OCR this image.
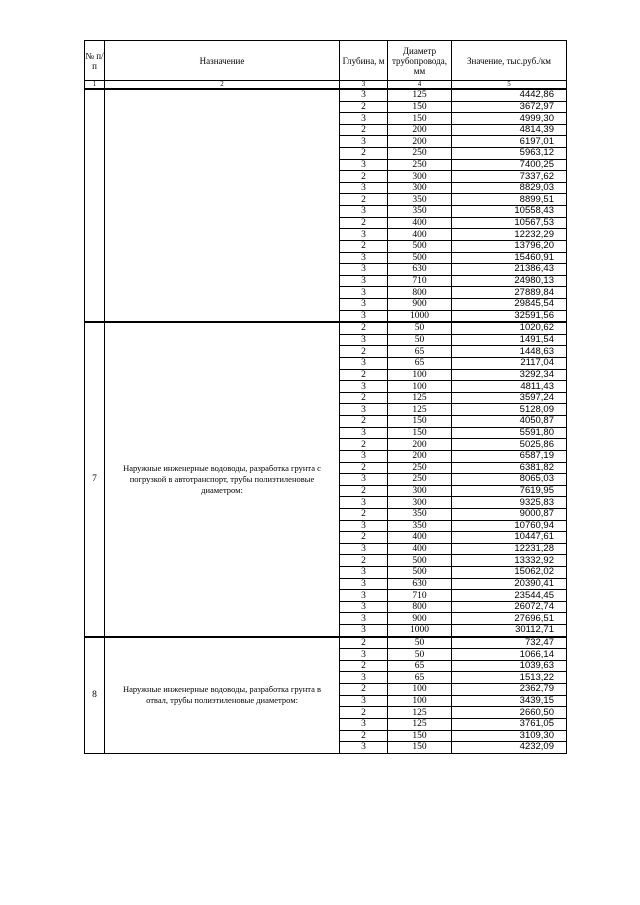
№ п/п	Назначение	Глубина, м	Диаметр трубопровода, мм	Значение, тыс.руб./км
1	2	3	4	5
		3	125	4442,86
		2	150	3672,97
		3	150	4999,30
		2	200	4814,39
		3	200	6197,01
		2	250	5963,12
		3	250	7400,25
		2	300	7337,62
		3	300	8829,03
		2	350	8899,51
		3	350	10558,43
		2	400	10567,53
		3	400	12232,29
		2	500	13796,20
		3	500	15460,91
		3	630	21386,43
		3	710	24980,13
		3	800	27889,84
		3	900	29845,54
		3	1000	32591,56
7	Наружные инженерные водоводы, разработка грунта с погрузкой в автотранспорт, трубы полиэтиленовые диаметром:	2	50	1020,62
		3	50	1491,54
		2	65	1448,63
		3	65	2117,04
		2	100	3292,34
		3	100	4811,43
		2	125	3597,24
		3	125	5128,09
		2	150	4050,87
		3	150	5591,80
		2	200	5025,86
		3	200	6587,19
		2	250	6381,82
		3	250	8065,03
		2	300	7619,95
		3	300	9325,83
		2	350	9000,87
		3	350	10760,94
		2	400	10447,61
		3	400	12231,28
		2	500	13332,92
		3	500	15062,02
		3	630	20390,41
		3	710	23544,45
		3	800	26072,74
		3	900	27696,51
		3	1000	30112,71
8	Наружные инженерные водоводы, разработка грунта в отвал, трубы полиэтиленовые диаметром:	2	50	732,47
		3	50	1066,14
		2	65	1039,63
		3	65	1513,22
		2	100	2362,79
		3	100	3439,15
		2	125	2660,50
		3	125	3761,05
		2	150	3109,30
		3	150	4232,09
